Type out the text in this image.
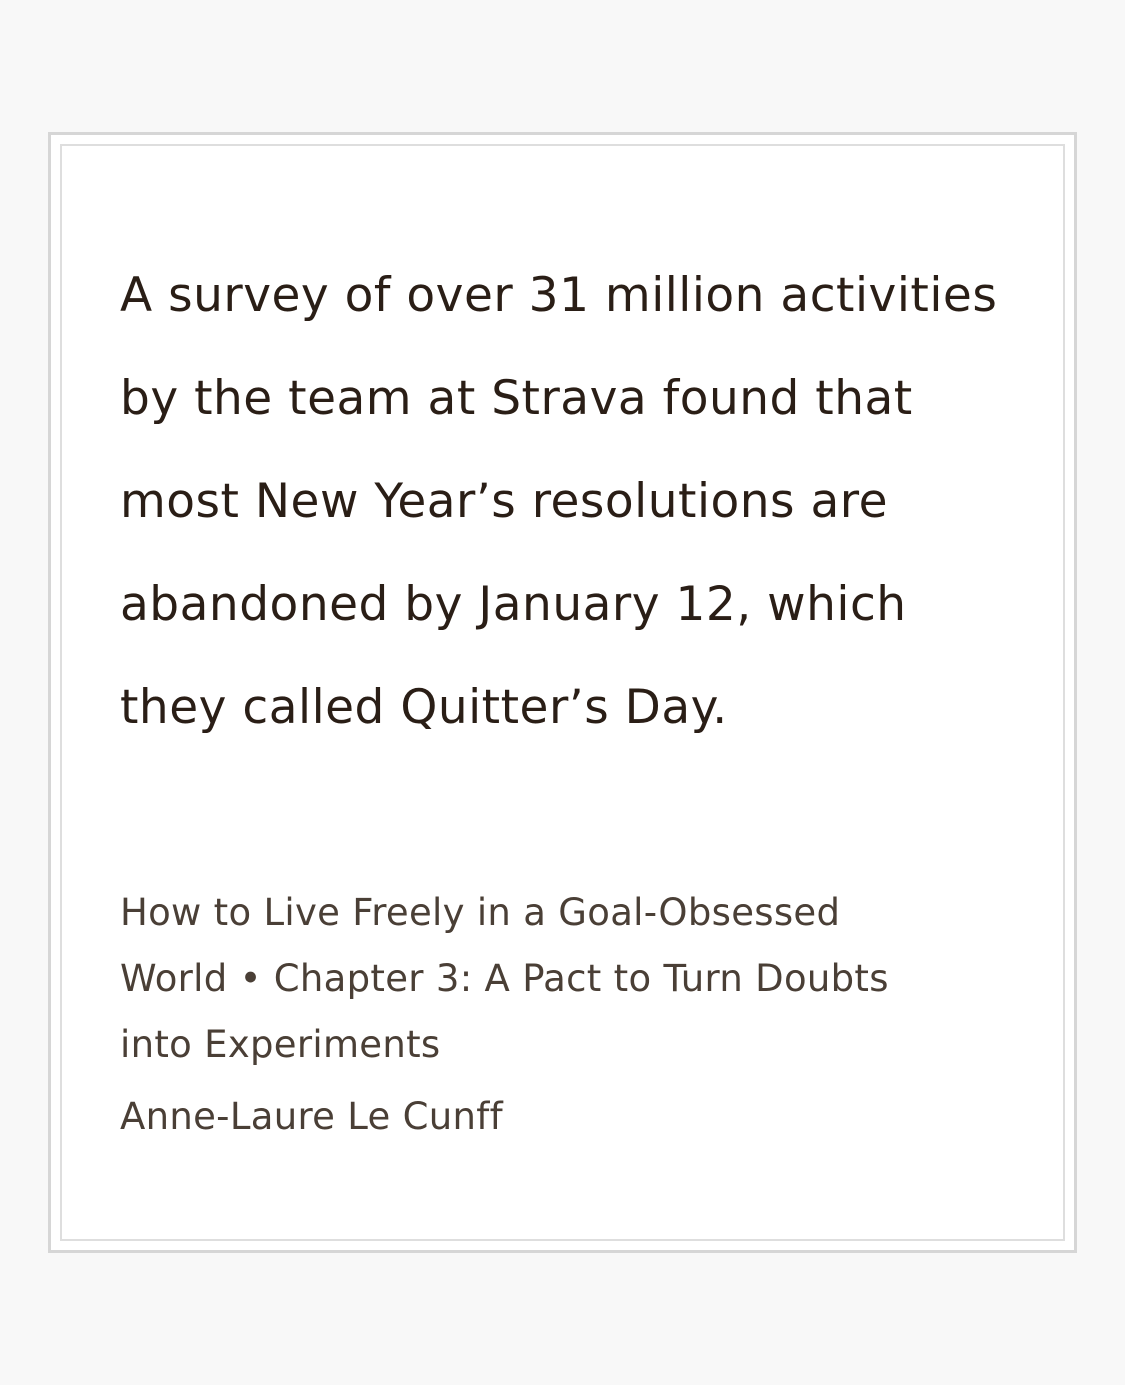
A survey of over 31 million activities
by the team at Strava found that
most New Year’s resolutions are
abandoned by January 12, which
they called Quitter’s Day.

How to Live Freely in a Goal-Obsessed
World • Chapter 3: A Pact to Turn Doubts
into Experiments
Anne-Laure Le Cunff
